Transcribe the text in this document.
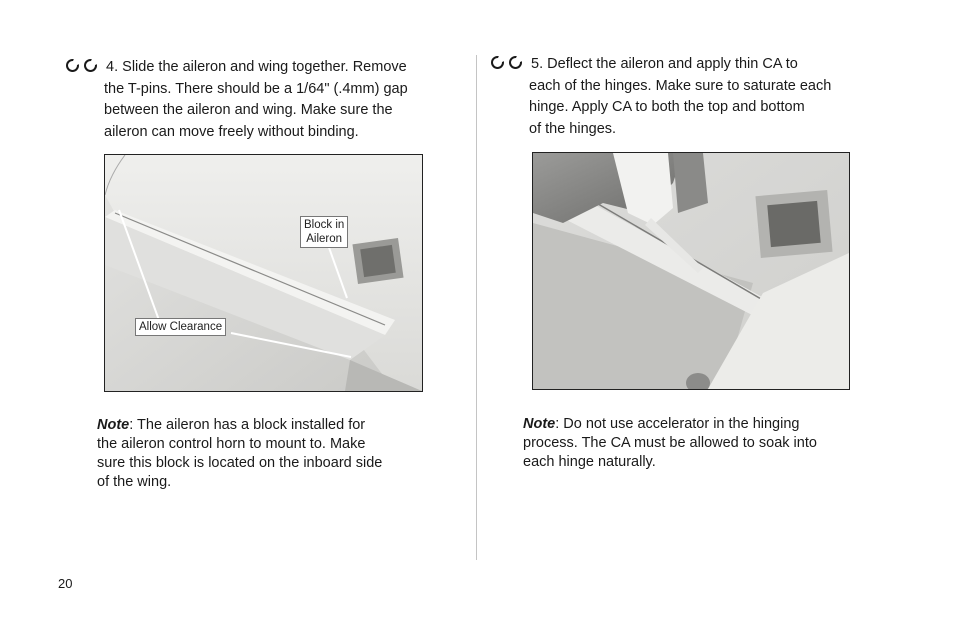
4. Slide the aileron and wing together. Remove
the T-pins. There should be a 1/64" (.4mm) gap
between the aileron and wing. Make sure the
aileron can move freely without binding.
Block in
Aileron
Allow Clearance
Note: The aileron has a block installed for
the aileron control horn to mount to. Make
sure this block is located on the inboard side
of the wing.
5. Deflect the aileron and apply thin CA to
each of the hinges. Make sure to saturate each
hinge. Apply CA to both the top and bottom
of the hinges.
Note: Do not use accelerator in the hinging
process. The CA must be allowed to soak into
each hinge naturally.
20
